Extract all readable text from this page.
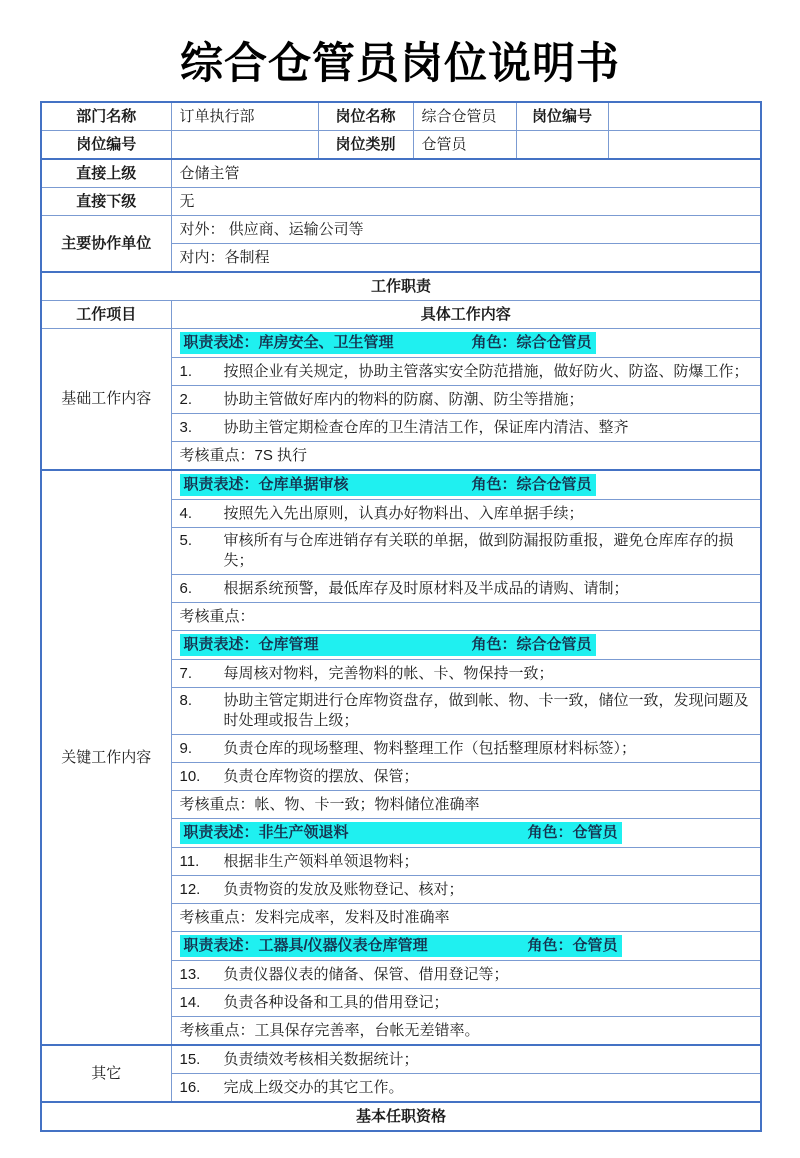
综合仓管员岗位说明书
部门名称	订单执行部	岗位名称	综合仓管员	岗位编号	
岗位编号		岗位类别	仓管员		
直接上级	仓储主管				
直接下级	无				
主要协作单位	对外： 供应商、运输公司等				
	对内：各制程				
工作职责					
工作项目	具体工作内容				
基础工作内容	职责表述：库房安全、卫生管理 角色：综合仓管员				

	1. 按照企业有关规定，协助主管落实安全防范措施，做好防火、防盗、防爆工作；				

	2. 协助主管做好库内的物料的防腐、防潮、防尘等措施；				

	3. 协助主管定期检查仓库的卫生清洁工作，保证库内清洁、整齐				

	考核重点：7S 执行				
关键工作内容	职责表述：仓库单据审核 角色：综合仓管员				

	4. 按照先入先出原则，认真办好物料出、入库单据手续；				

	5. 审核所有与仓库进销存有关联的单据，做到防漏报防重报，避免仓库库存的损失；				

	6. 根据系统预警，最低库存及时原材料及半成品的请购、请制；				

	考核重点：				

	职责表述：仓库管理 角色：综合仓管员				

	7. 每周核对物料，完善物料的帐、卡、物保持一致；				

	8. 协助主管定期进行仓库物资盘存，做到帐、物、卡一致，储位一致，发现问题及时处理或报告上级；				

	9. 负责仓库的现场整理、物料整理工作（包括整理原材料标签）；				

	10. 负责仓库物资的摆放、保管；				

	考核重点：帐、物、卡一致；物料储位准确率				

	职责表述：非生产领退料 角色：仓管员				

	11. 根据非生产领料单领退物料；				

	12. 负责物资的发放及账物登记、核对；				

	考核重点：发料完成率，发料及时准确率				

	职责表述：工器具/仪器仪表仓库管理 角色：仓管员				

	13. 负责仪器仪表的储备、保管、借用登记等；				

	14. 负责各种设备和工具的借用登记；				

	考核重点：工具保存完善率，台帐无差错率。				
其它	15. 负责绩效考核相关数据统计；				

	16. 完成上级交办的其它工作。				

基本任职资格					
